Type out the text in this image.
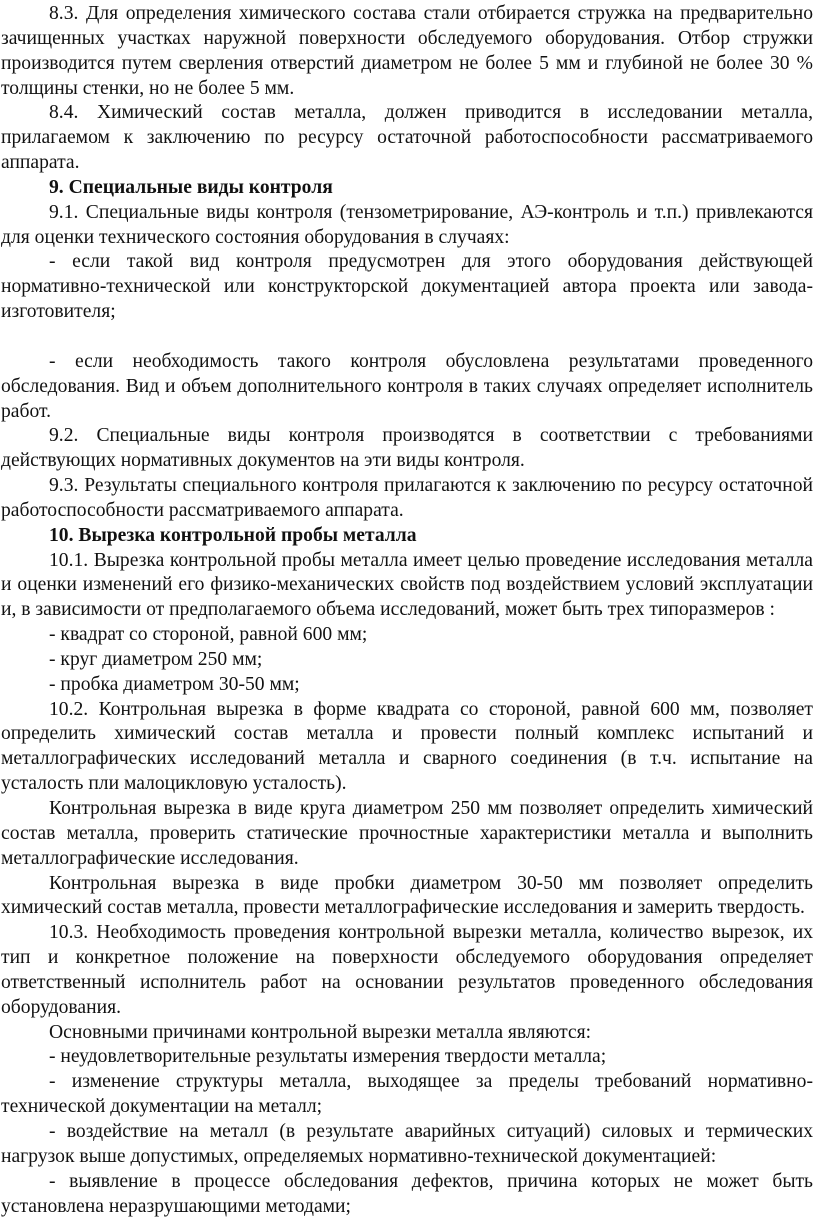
8.3. Для определения химического состава стали отбирается стружка на предварительно зачищенных участках наружной поверхности обследуемого оборудования. Отбор стружки производится путем сверления отверстий диаметром не более 5 мм и глубиной не более 30 % толщины стенки, но не более 5 мм.

8.4. Химический состав металла, должен приводится в исследовании металла, прилагаемом к заключению по ресурсу остаточной работоспособности рассматриваемого аппарата.

9. Специальные виды контроля

9.1. Специальные виды контроля (тензометрирование, АЭ-контроль и т.п.) привлекаются для оценки технического состояния оборудования в случаях:

- если такой вид контроля предусмотрен для этого оборудования действующей нормативно-технической или конструкторской документацией автора проекта или завода-изготовителя;

- если необходимость такого контроля обусловлена результатами проведенного обследования. Вид и объем дополнительного контроля в таких случаях определяет исполнитель работ.

9.2. Специальные виды контроля производятся в соответствии с требованиями действующих нормативных документов на эти виды контроля.

9.3. Результаты специального контроля прилагаются к заключению по ресурсу остаточной работоспособности рассматриваемого аппарата.

10. Вырезка контрольной пробы металла

10.1. Вырезка контрольной пробы металла имеет целью проведение исследования металла и оценки изменений его физико-механических свойств под воздействием условий эксплуатации и, в зависимости от предполагаемого объема исследований, может быть трех типоразмеров :

- квадрат со стороной, равной 600 мм;

- круг диаметром 250 мм;

- пробка диаметром 30-50 мм;

10.2. Контрольная вырезка в форме квадрата со стороной, равной 600 мм, позволяет определить химический состав металла и провести полный комплекс испытаний и металлографических исследований металла и сварного соединения (в т.ч. испытание на усталость пли малоцикловую усталость).

Контрольная вырезка в виде круга диаметром 250 мм позволяет определить химический состав металла, проверить статические прочностные характеристики металла и выполнить металлографические исследования.

Контрольная вырезка в виде пробки диаметром 30-50 мм позволяет определить химический состав металла, провести металлографические исследования и замерить твердость.

10.3. Необходимость проведения контрольной вырезки металла, количество вырезок, их тип и конкретное положение на поверхности обследуемого оборудования определяет ответственный исполнитель работ на основании результатов проведенного обследования оборудования.

Основными причинами контрольной вырезки металла являются:

- неудовлетворительные результаты измерения твердости металла;

- изменение структуры металла, выходящее за пределы требований нормативно-технической документации на металл;

- воздействие на металл (в результате аварийных ситуаций) силовых и термических нагрузок выше допустимых, определяемых нормативно-технической документацией:

- выявление в процессе обследования дефектов, причина которых не может быть установлена неразрушающими методами;
